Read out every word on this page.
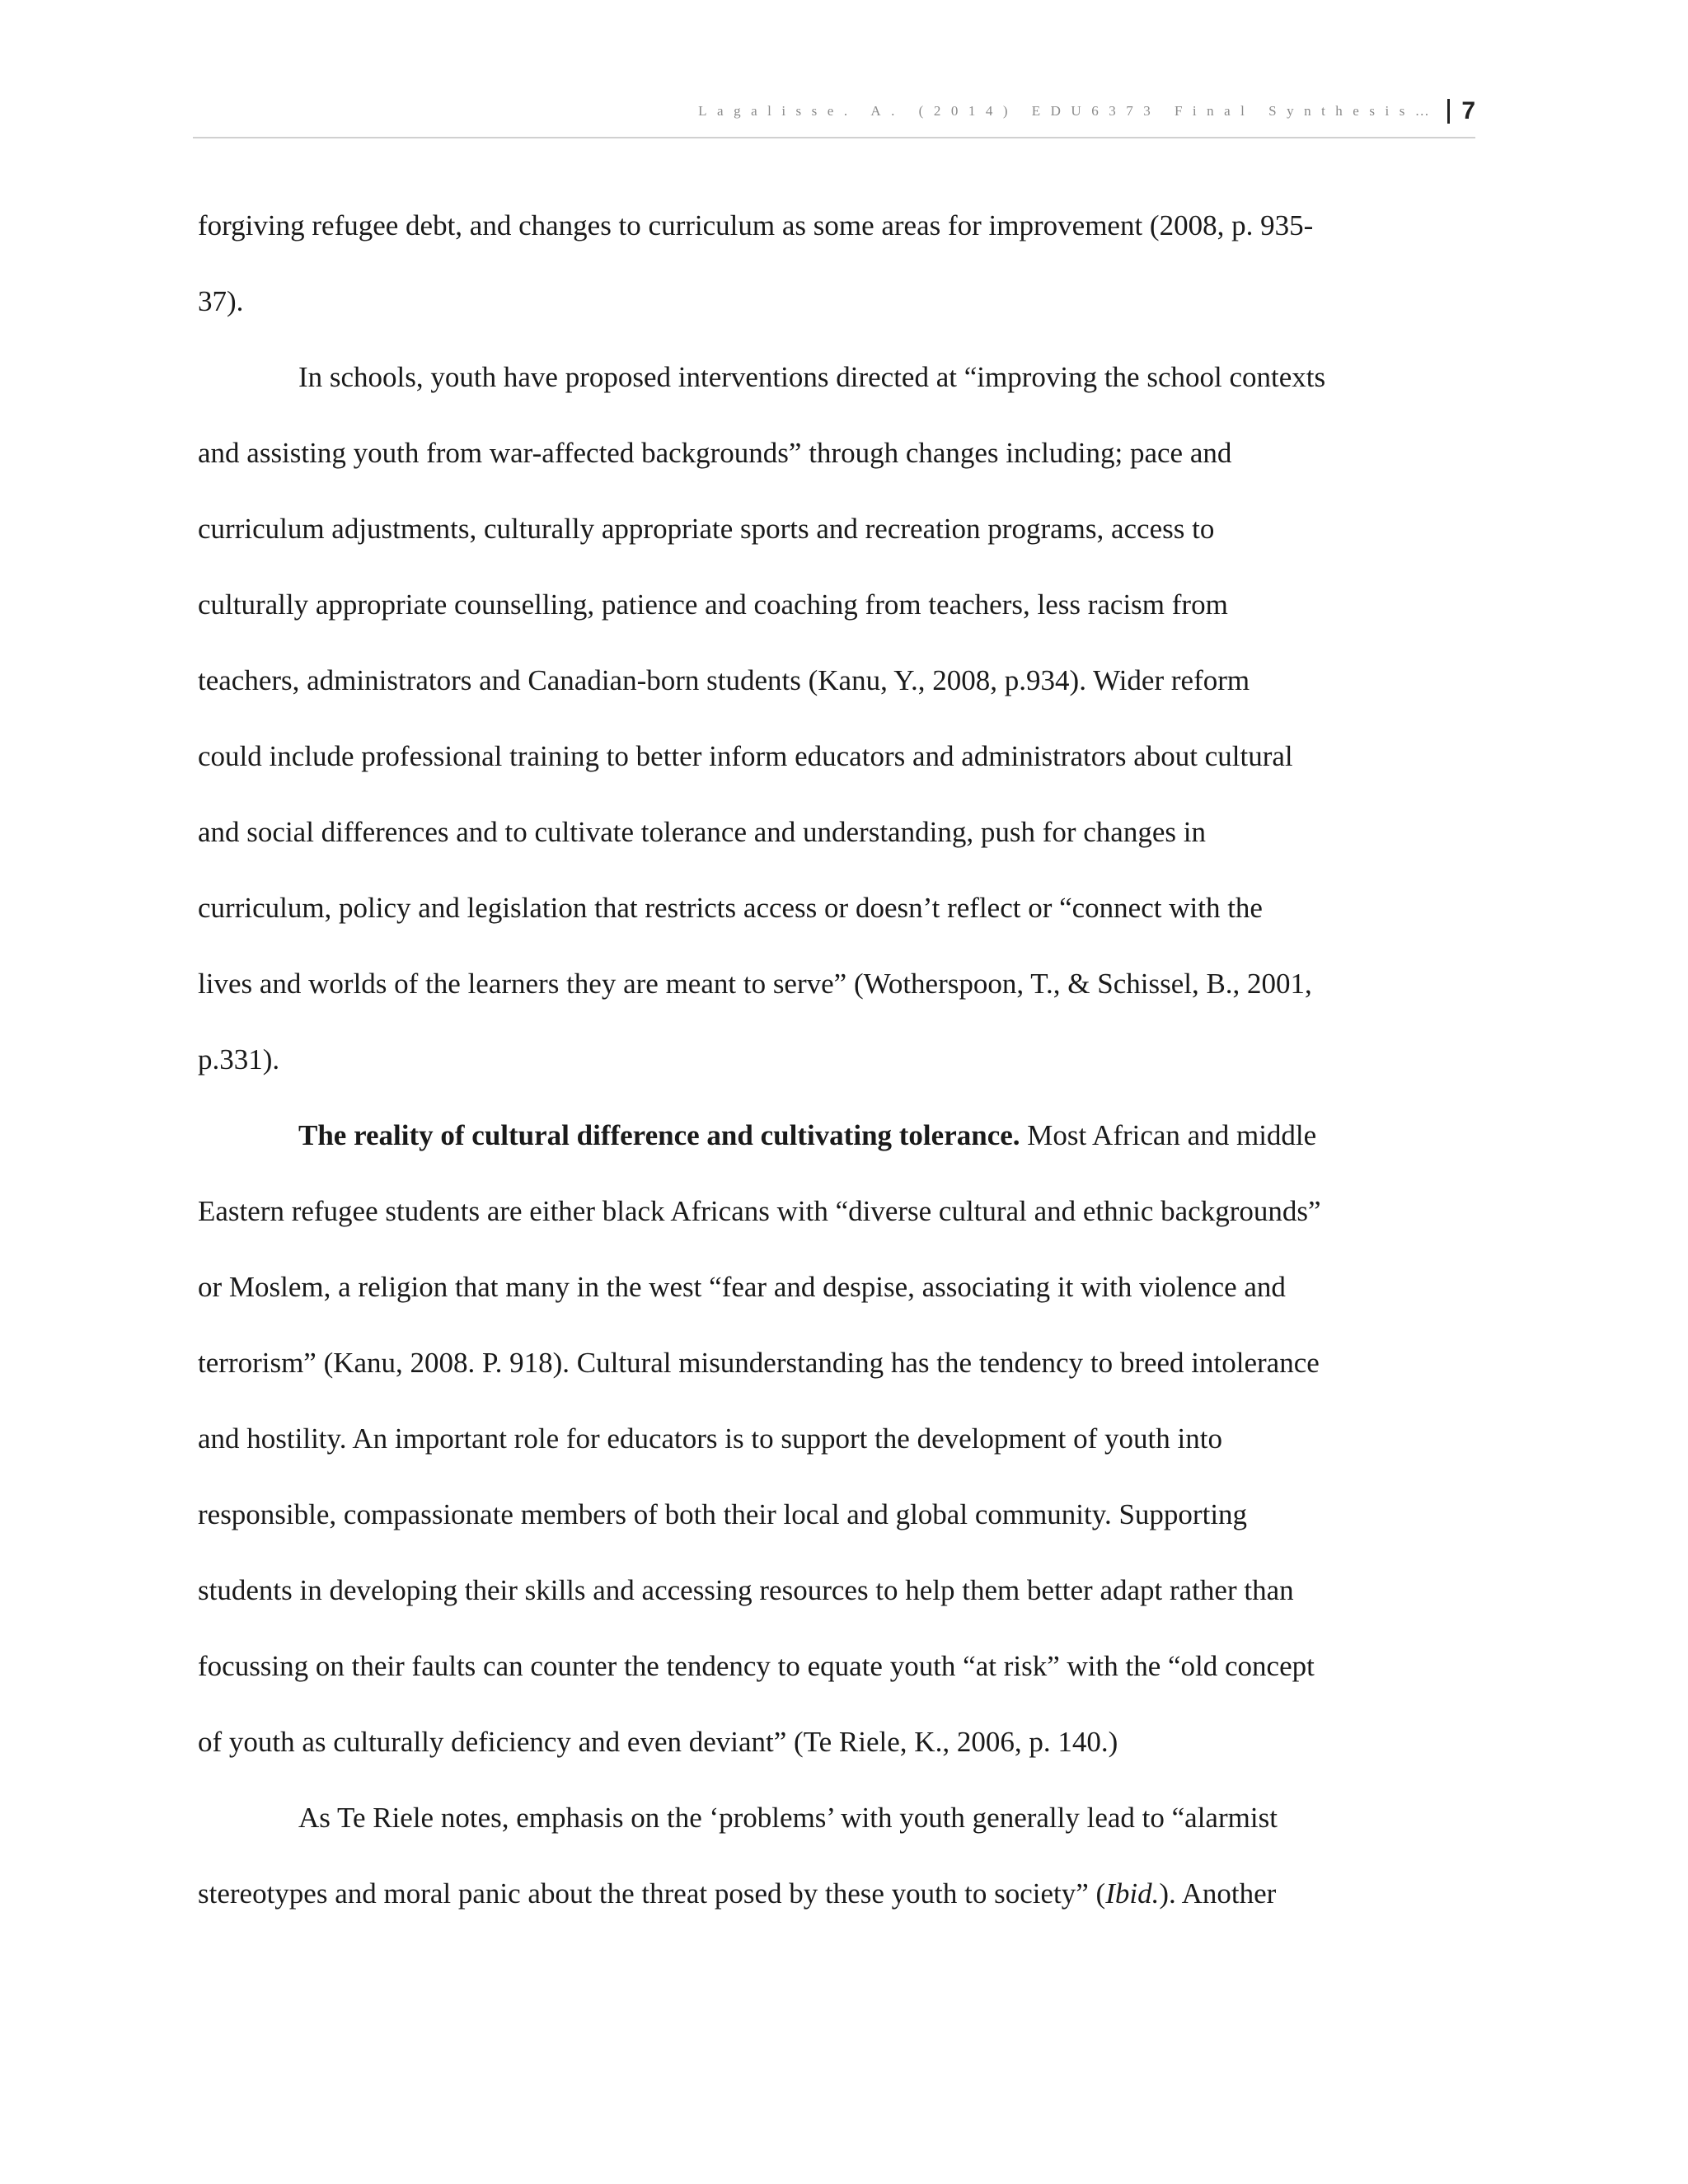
Lagalisse. A. (2014) EDU6373 Final Synthesis… 7

forgiving refugee debt, and changes to curriculum as some areas for improvement (2008, p. 935-
37).

In schools, youth have proposed interventions directed at “improving the school contexts
and assisting youth from war-affected backgrounds” through changes including; pace and
curriculum adjustments, culturally appropriate sports and recreation programs, access to
culturally appropriate counselling, patience and coaching from teachers, less racism from
teachers, administrators and Canadian-born students (Kanu, Y., 2008, p.934). Wider reform
could include professional training to better inform educators and administrators about cultural
and social differences and to cultivate tolerance and understanding, push for changes in
curriculum, policy and legislation that restricts access or doesn’t reflect or “connect with the
lives and worlds of the learners they are meant to serve” (Wotherspoon, T., & Schissel, B., 2001,
p.331).

The reality of cultural difference and cultivating tolerance. Most African and middle
Eastern refugee students are either black Africans with “diverse cultural and ethnic backgrounds”
or Moslem, a religion that many in the west “fear and despise, associating it with violence and
terrorism” (Kanu, 2008. P. 918). Cultural misunderstanding has the tendency to breed intolerance
and hostility. An important role for educators is to support the development of youth into
responsible, compassionate members of both their local and global community. Supporting
students in developing their skills and accessing resources to help them better adapt rather than
focussing on their faults can counter the tendency to equate youth “at risk” with the “old concept
of youth as culturally deficiency and even deviant” (Te Riele, K., 2006, p. 140.)

As Te Riele notes, emphasis on the ‘problems’ with youth generally lead to “alarmist
stereotypes and moral panic about the threat posed by these youth to society” (Ibid.). Another
